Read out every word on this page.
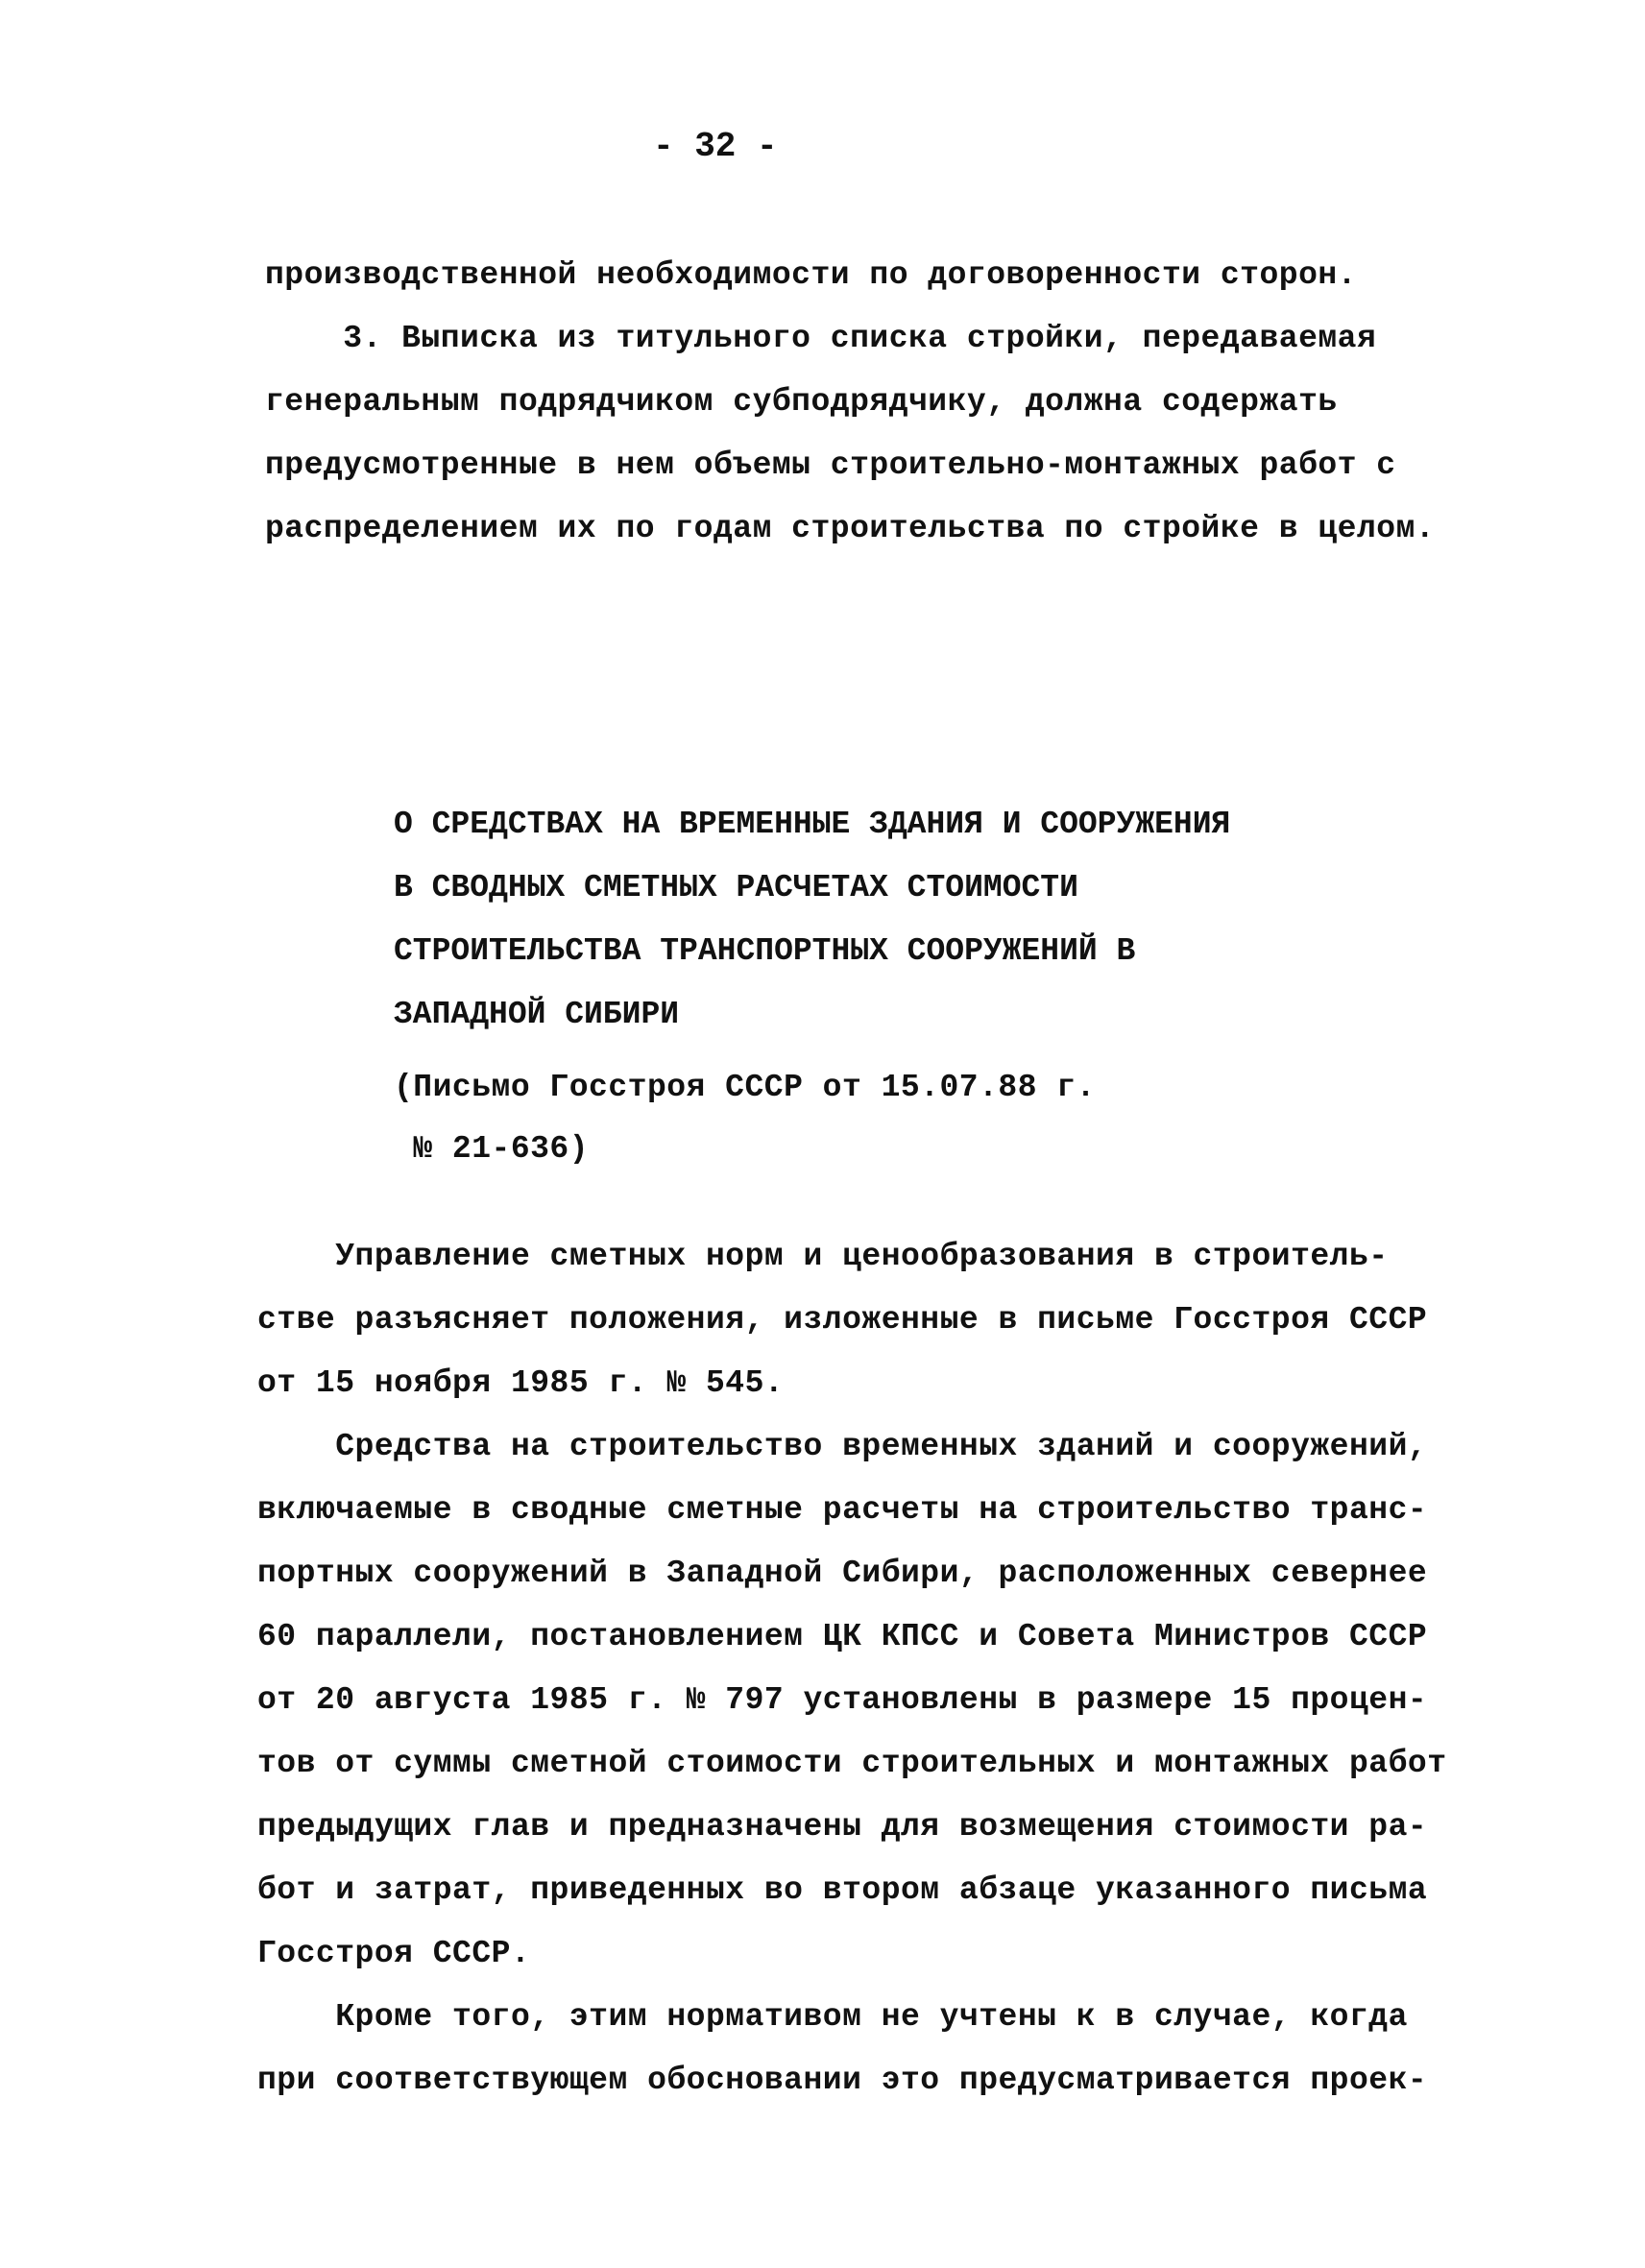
- 32 -
производственной необходимости по договоренности сторон.
3. Выписка из титульного списка стройки, передаваемая
генеральным подрядчиком субподрядчику, должна содержать
предусмотренные в нем объемы строительно-монтажных работ с
распределением их по годам строительства по стройке в целом.
О СРЕДСТВАХ НА ВРЕМЕННЫЕ ЗДАНИЯ И СООРУЖЕНИЯ
В СВОДНЫХ СМЕТНЫХ РАСЧЕТАХ СТОИМОСТИ
СТРОИТЕЛЬСТВА ТРАНСПОРТНЫХ СООРУЖЕНИЙ В
ЗАПАДНОЙ СИБИРИ
(Письмо Госстроя СССР от 15.07.88 г.
№ 21-636)
Управление сметных норм и ценообразования в строитель-
стве разъясняет положения, изложенные в письме Госстроя СССР
от 15 ноября 1985 г. № 545.
Средства на строительство временных зданий и сооружений,
включаемые в сводные сметные расчеты на строительство транс-
портных сооружений в Западной Сибири, расположенных севернее
60 параллели, постановлением ЦК КПСС и Совета Министров СССР
от 20 августа 1985 г. № 797 установлены в размере 15 процен-
тов от суммы сметной стоимости строительных и монтажных работ
предыдущих глав и предназначены для возмещения стоимости ра-
бот и затрат, приведенных во втором абзаце указанного письма
Госстроя СССР.
Кроме того, этим нормативом не учтены к в случае, когда
при соответствующем обосновании это предусматривается проек-
